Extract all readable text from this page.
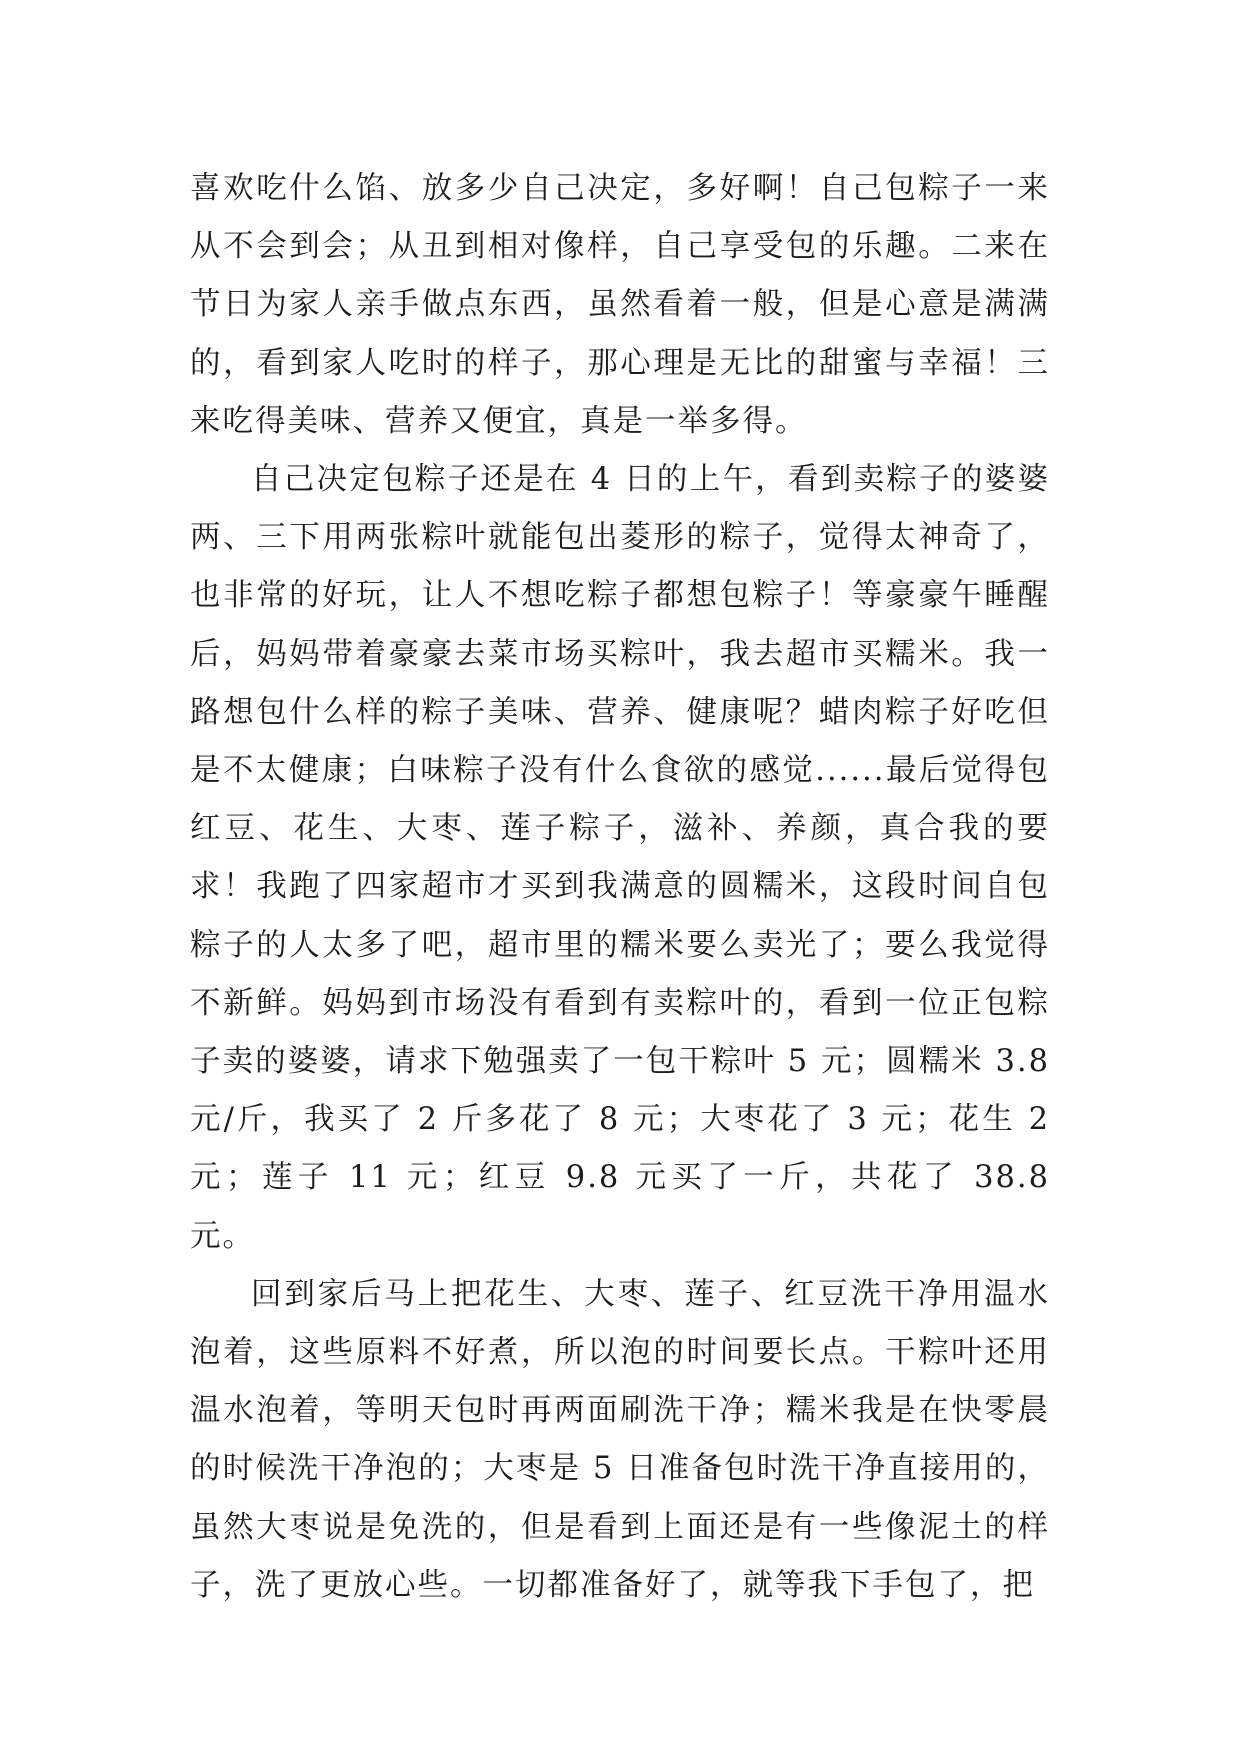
喜欢吃什么馅、放多少自己决定，多好啊！自己包粽子一来从不会到会；从丑到相对像样，自己享受包的乐趣。二来在节日为家人亲手做点东西，虽然看着一般，但是心意是满满的，看到家人吃时的样子，那心理是无比的甜蜜与幸福！三来吃得美味、营养又便宜，真是一举多得。

自己决定包粽子还是在 4 日的上午，看到卖粽子的婆婆两、三下用两张粽叶就能包出菱形的粽子，觉得太神奇了，也非常的好玩，让人不想吃粽子都想包粽子！等豪豪午睡醒后，妈妈带着豪豪去菜市场买粽叶，我去超市买糯米。我一路想包什么样的粽子美味、营养、健康呢？蜡肉粽子好吃但是不太健康；白味粽子没有什么食欲的感觉......最后觉得包红豆、花生、大枣、莲子粽子，滋补、养颜，真合我的要求！我跑了四家超市才买到我满意的圆糯米，这段时间自包粽子的人太多了吧，超市里的糯米要么卖光了；要么我觉得不新鲜。妈妈到市场没有看到有卖粽叶的，看到一位正包粽子卖的婆婆，请求下勉强卖了一包干粽叶 5 元；圆糯米 3.8 元/斤，我买了 2 斤多花了 8 元；大枣花了 3 元；花生 2 元；莲子 11 元；红豆 9.8 元买了一斤，共花了 38.8 元。

回到家后马上把花生、大枣、莲子、红豆洗干净用温水泡着，这些原料不好煮，所以泡的时间要长点。干粽叶还用温水泡着，等明天包时再两面刷洗干净；糯米我是在快零晨的时候洗干净泡的；大枣是 5 日准备包时洗干净直接用的，虽然大枣说是免洗的，但是看到上面还是有一些像泥土的样子，洗了更放心些。一切都准备好了，就等我下手包了，把
